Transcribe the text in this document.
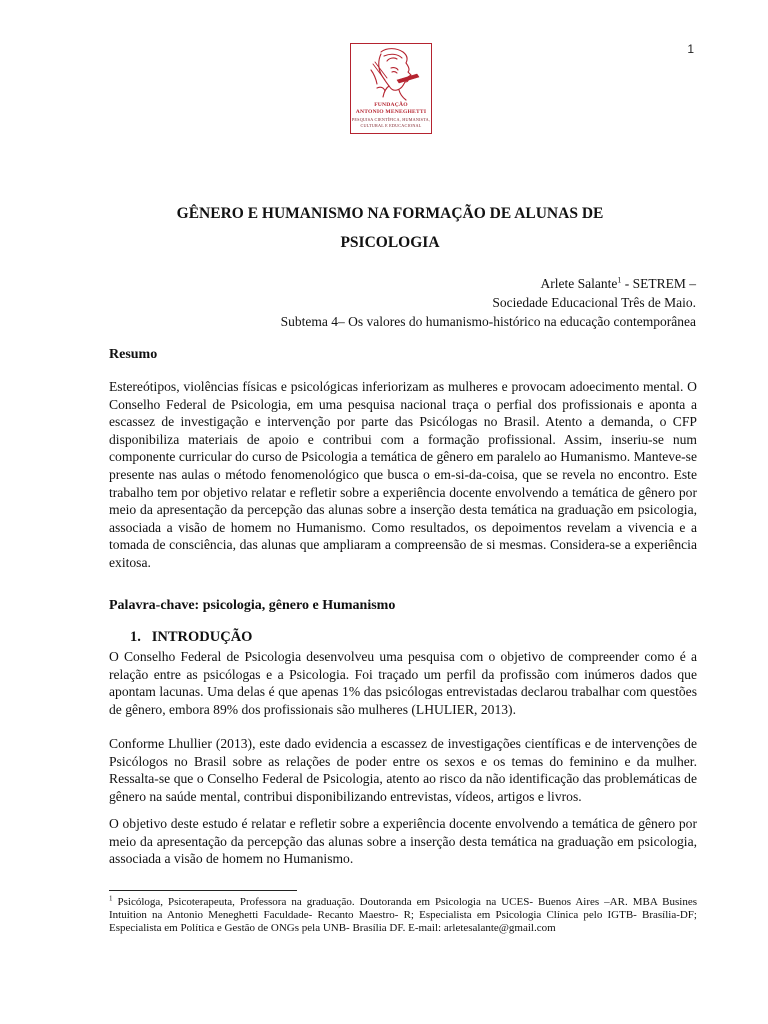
1
FUNDAÇÃO
ANTONIO MENEGHETTI
PESQUISA CIENTÍFICA, HUMANISTA,
CULTURAL E EDUCACIONAL
GÊNERO E HUMANISMO NA FORMAÇÃO DE ALUNAS DE
PSICOLOGIA
Arlete Salante$^1$ - SETREM –
Sociedade Educacional Três de Maio.
Subtema 4– Os valores do humanismo-histórico na educação contemporânea
Resumo

Estereótipos, violências físicas e psicológicas inferiorizam as mulheres e provocam adoecimento mental. O Conselho Federal de Psicologia, em uma pesquisa nacional traça o perfial dos profissionais e aponta a escassez de investigação e intervenção por parte das Psicólogas no Brasil. Atento a demanda, o CFP disponibiliza materiais de apoio e contribui com a formação profissional. Assim, inseriu-se num componente curricular do curso de Psicologia a temática de gênero em paralelo ao Humanismo. Manteve-se presente nas aulas o método fenomenológico que busca o em-si-da-coisa, que se revela no encontro. Este trabalho tem por objetivo relatar e refletir sobre a experiência docente envolvendo a temática de gênero por meio da apresentação da percepção das alunas sobre a inserção desta temática na graduação em psicologia, associada a visão de homem no Humanismo. Como resultados, os depoimentos revelam a vivencia e a tomada de consciência, das alunas que ampliaram a compreensão de si mesmas. Considera-se a experiência exitosa.

Palavra-chave: psicologia, gênero e Humanismo
1.   INTRODUÇÃO

O Conselho Federal de Psicologia desenvolveu uma pesquisa com o objetivo de compreender como é a relação entre as psicólogas e a Psicologia. Foi traçado um perfil da profissão com inúmeros dados que apontam lacunas. Uma delas é que apenas 1% das psicólogas entrevistadas declarou trabalhar com questões de gênero, embora 89% dos profissionais são mulheres (LHULIER, 2013).

Conforme Lhullier (2013), este dado evidencia a escassez de investigações científicas e de intervenções de Psicólogos no Brasil sobre as relações de poder entre os sexos e os temas do feminino e da mulher. Ressalta-se que o Conselho Federal de Psicologia, atento ao risco da não identificação das problemáticas de gênero na saúde mental, contribui disponibilizando entrevistas, vídeos, artigos e livros.

O objetivo deste estudo é relatar e refletir sobre a experiência docente envolvendo a temática de gênero por meio da apresentação da percepção das alunas sobre a inserção desta temática na graduação em psicologia, associada a visão de homem no Humanismo.

$^1$ Psicóloga, Psicoterapeuta, Professora na graduação. Doutoranda em Psicologia na UCES- Buenos Aires –AR. MBA Busines Intuition na Antonio Meneghetti Faculdade- Recanto Maestro- R; Especialista em Psicologia Clínica pelo IGTB- Brasília-DF; Especialista em Política e Gestão de ONGs pela UNB- Brasília DF. E-mail: arletesalante@gmail.com
